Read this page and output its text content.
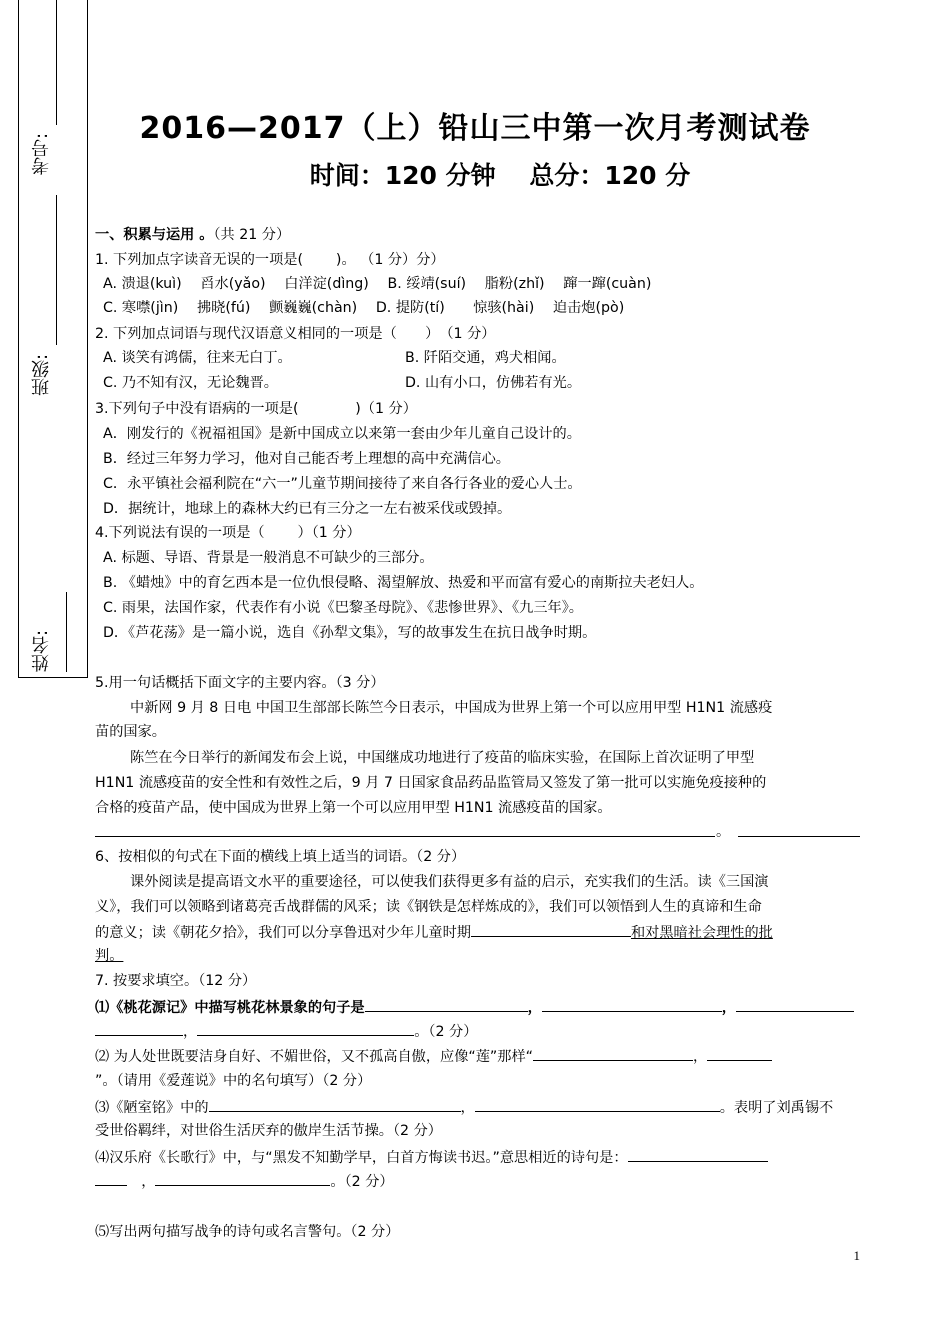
考号:
班级:
姓名:
2016—2017（上）铅山三中第一次月考测试卷
时间：120 分钟　 总分：120 分
一、积累与运用 。（共 21 分）
1. 下列加点字读音无误的一项是(　　 )。 （1 分）分）
A. 溃退(kuì)　 舀水(yǎo)　 白洋淀(dìng)　 B. 绥靖(suí)　 脂粉(zhǐ)　 蹿一蹿(cuàn)
C. 寒噤(jìn)　 拂晓(fú)　 颤巍巍(chàn)　 D. 提防(tí)　　惊骇(hài)　 迫击炮(pò)
2. 下列加点词语与现代汉语意义相同的一项是（　　）　（1 分）
A. 谈笑有鸿儒，往来无白丁。	B. 阡陌交通，鸡犬相闻。
C. 乃不知有汉，无论魏晋。	D. 山有小口，仿佛若有光。
3.下列句子中没有语病的一项是(　　　　)（1 分）
A．刚发行的《祝福祖国》是新中国成立以来第一套由少年儿童自己设计的。
B．经过三年努力学习，他对自己能否考上理想的高中充满信心。
C．永平镇社会福利院在“六一”儿童节期间接待了来自各行各业的爱心人士。
D．据统计，地球上的森林大约已有三分之一左右被采伐或毁掉。
4.下列说法有误的一项是（　　 ）（1 分）
A. 标题、导语、背景是一般消息不可缺少的三部分。
B. 《蜡烛》中的育乞西本是一位仇恨侵略、渴望解放、热爱和平而富有爱心的南斯拉夫老妇人。
C. 雨果，法国作家，代表作有小说《巴黎圣母院》、《悲惨世界》、《九三年》。
D．《芦花荡》是一篇小说，选自《孙犁文集》，写的故事发生在抗日战争时期。
5.用一句话概括下面文字的主要内容。（3 分）
中新网 9 月 8 日电 中国卫生部部长陈竺今日表示，中国成为世界上第一个可以应用甲型 H1N1 流感疫
苗的国家。
陈竺在今日举行的新闻发布会上说，中国继成功地进行了疫苗的临床实验，在国际上首次证明了甲型
H1N1 流感疫苗的安全性和有效性之后，9 月 7 日国家食品药品监管局又签发了第一批可以实施免疫接种的
合格的疫苗产品，使中国成为世界上第一个可以应用甲型 H1N1 流感疫苗的国家。
。
6、按相似的句式在下面的横线上填上适当的词语。（2 分）
课外阅读是提高语文水平的重要途径，可以使我们获得更多有益的启示，充实我们的生活。读《三国演
义》，我们可以领略到诸葛亮舌战群儒的风采；读《钢铁是怎样炼成的》，我们可以领悟到人生的真谛和生命
的意义；读《朝花夕拾》，我们可以分享鲁迅对少年儿童时期	和对黑暗社会理性的批
判。
7. 按要求填空。（12 分）
⑴《桃花源记》中描写桃花林景象的句子是	，	，
，	。（2 分）
⑵ 为人处世既要洁身自好、不媚世俗，又不孤高自傲，应像“莲”那样“	，
”。（请用《爱莲说》中的名句填写）（2 分）
⑶《陋室铭》中的	，	。表明了刘禹锡不
受世俗羁绊，对世俗生活厌弃的傲岸生活节操。（2 分）
⑷汉乐府《长歌行》中，与“黑发不知勤学早，白首方悔读书迟。”意思相近的诗句是：
　，	。（2 分）
⑸写出两句描写战争的诗句或名言警句。（2 分）
1
